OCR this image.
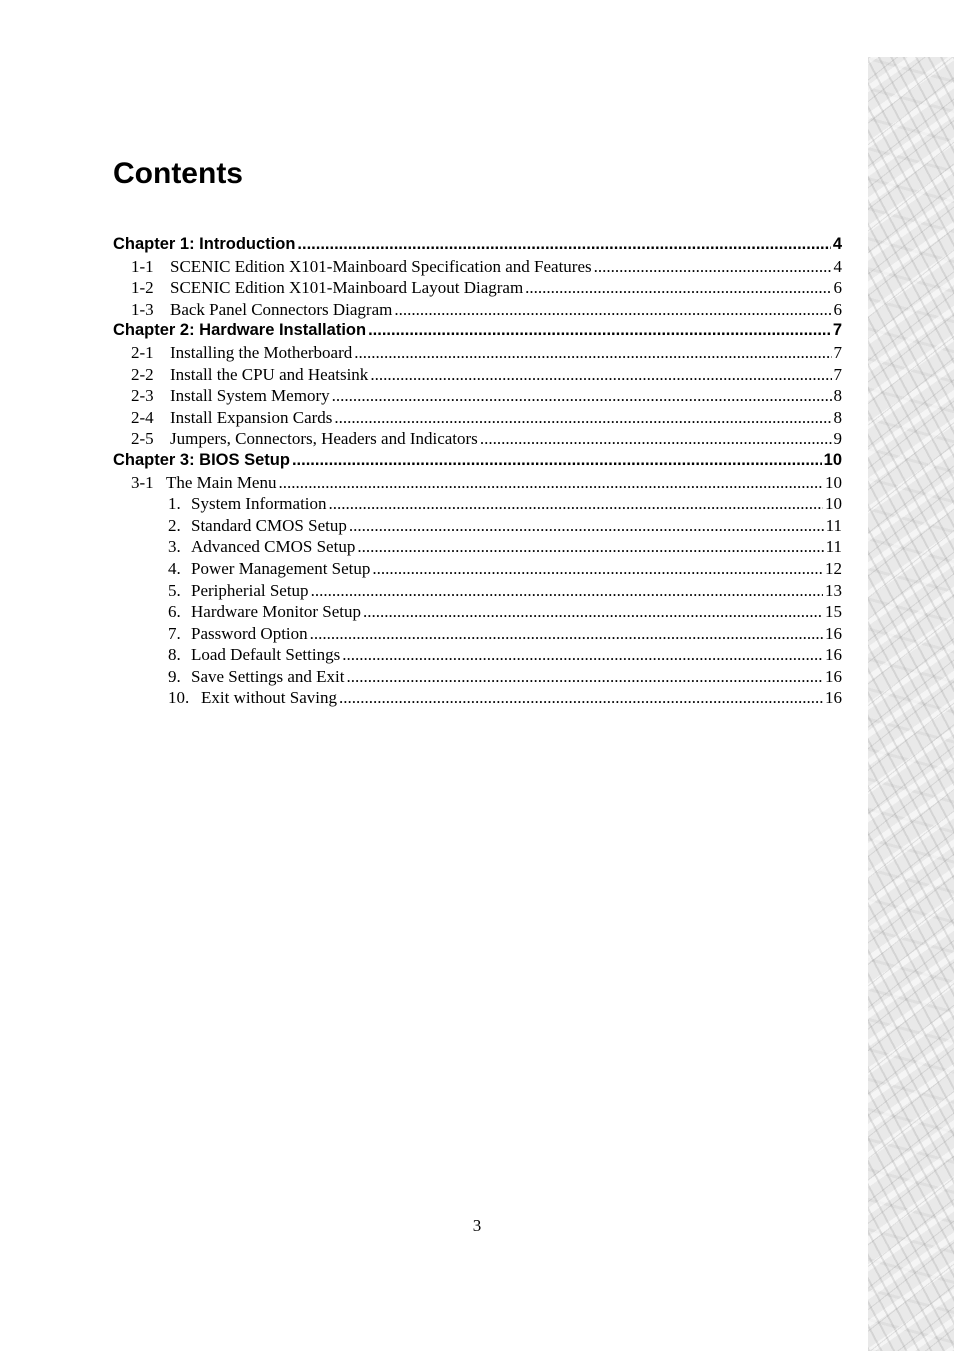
Contents
Chapter 1: Introduction .....	4
1-1 SCENIC Edition X101-Mainboard Specification and Features .....	4
1-2 SCENIC Edition X101-Mainboard Layout Diagram .....	6
1-3 Back Panel Connectors Diagram .....	6
Chapter 2: Hardware Installation .....	7
2-1 Installing the Motherboard .....	7
2-2 Install the CPU and Heatsink .....	7
2-3 Install System Memory .....	8
2-4 Install Expansion Cards .....	8
2-5 Jumpers, Connectors, Headers and Indicators .....	9
Chapter 3: BIOS Setup .....	10
3-1 The Main Menu .....	10
1. System Information .....	10
2. Standard CMOS Setup .....	11
3. Advanced CMOS Setup .....	11
4. Power Management Setup .....	12
5. Peripherial Setup .....	13
6. Hardware Monitor Setup .....	15
7. Password Option .....	16
8. Load Default Settings .....	16
9. Save Settings and Exit .....	16
10. Exit without Saving .....	16
3
